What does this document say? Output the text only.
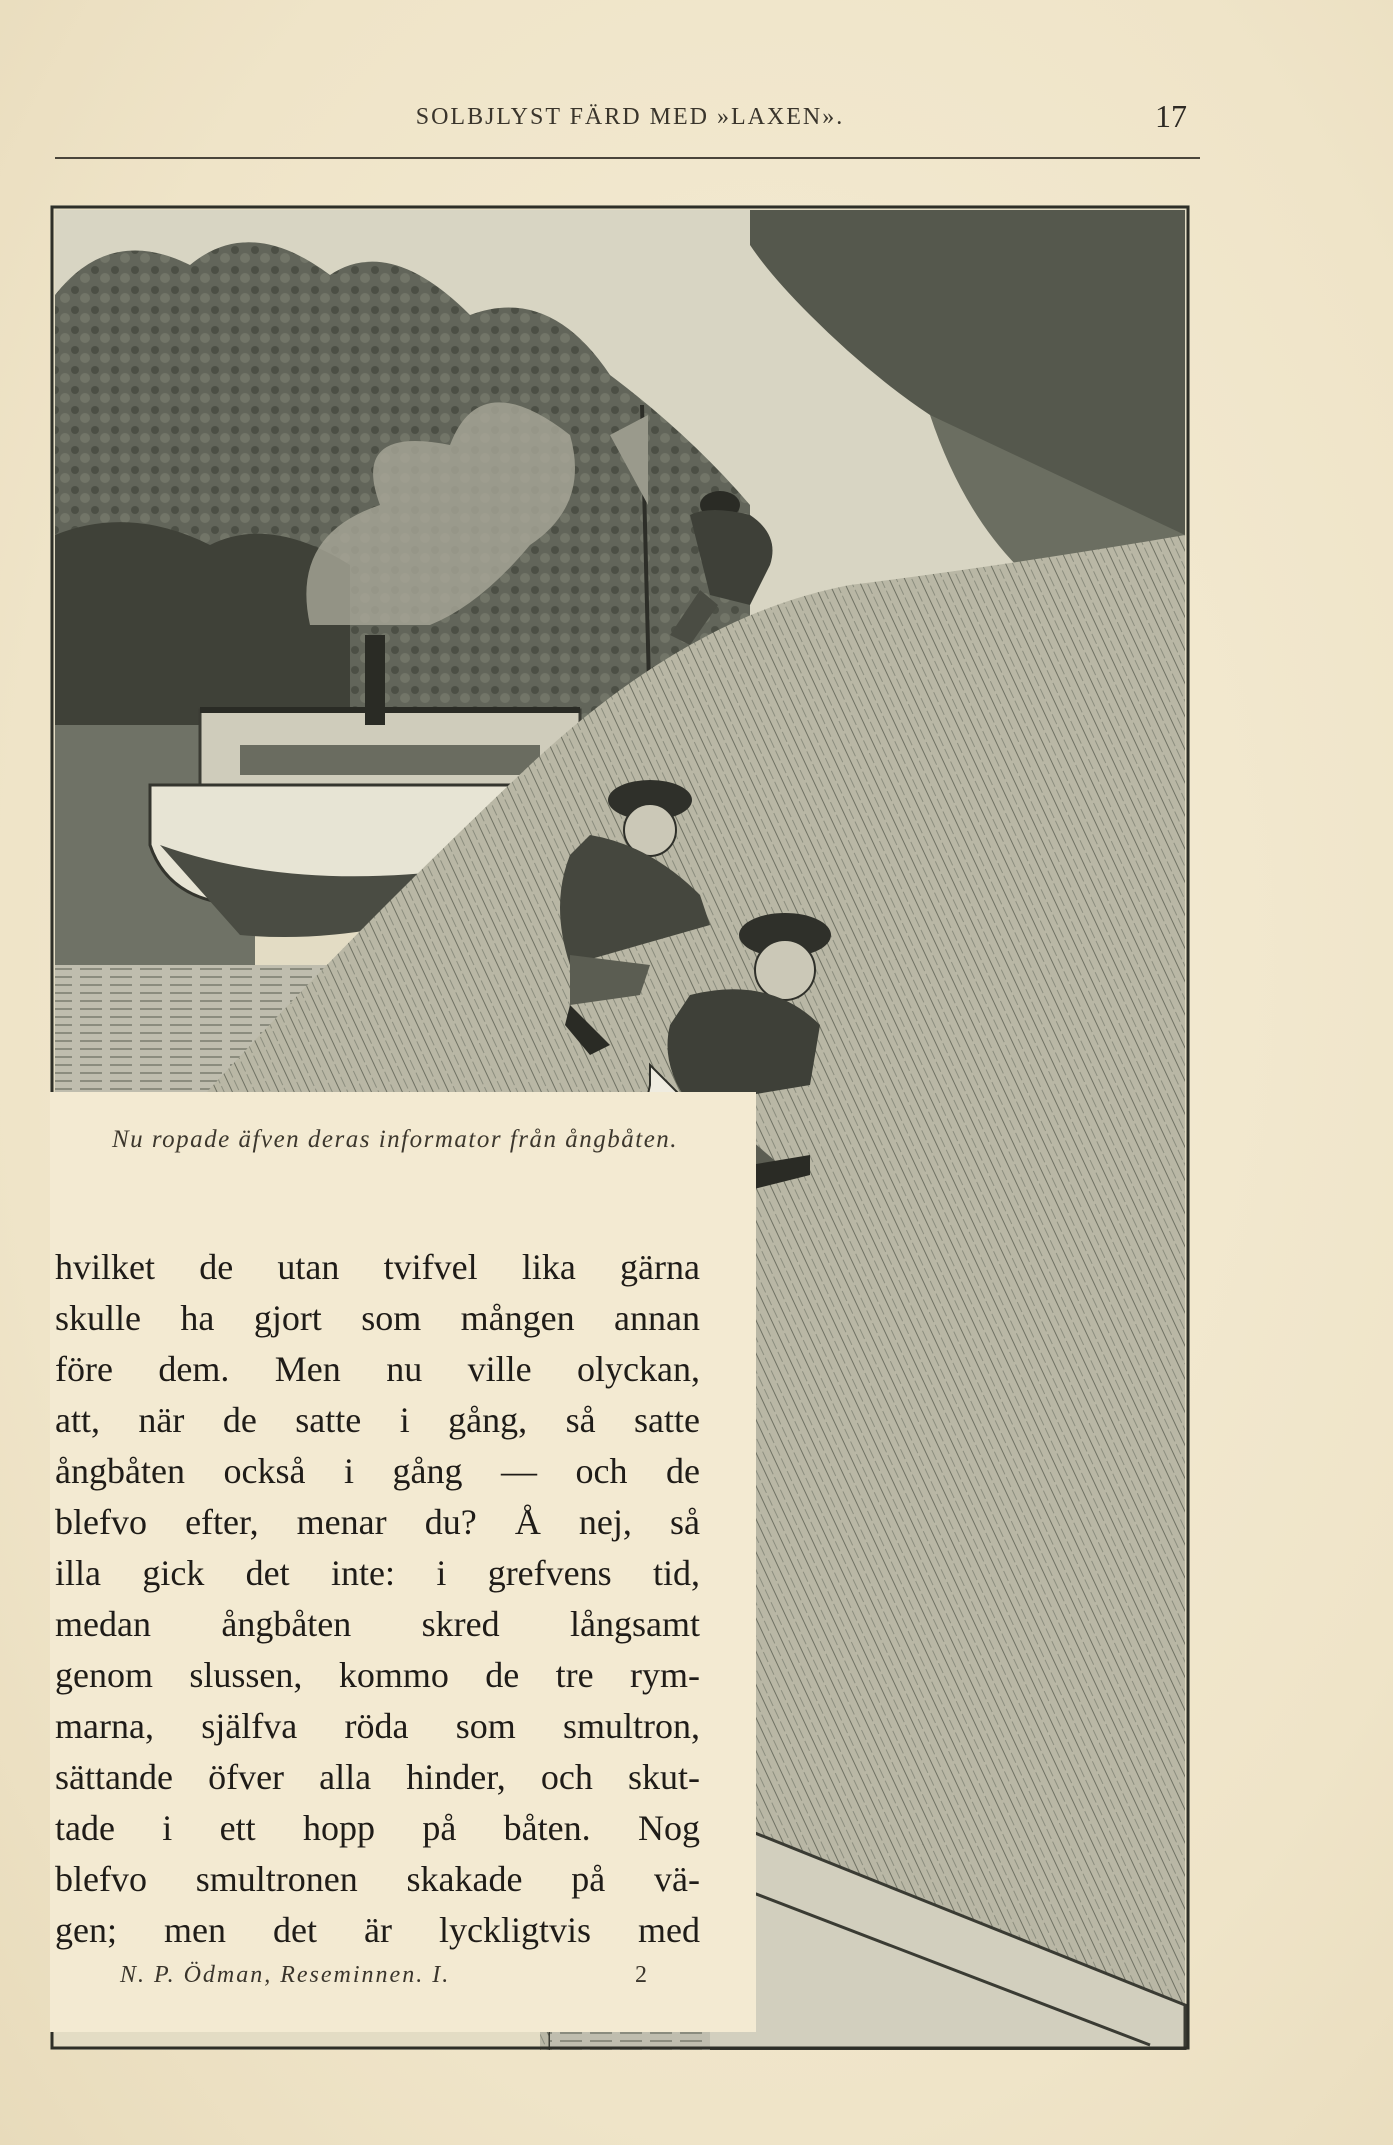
SOLBJLYST FÄRD MED »LAXEN».	17
Nu ropade äfven deras informator från ångbåten.
hvilket de utan tvifvel lika gärna
skulle ha gjort som mången annan
före dem. Men nu ville olyckan,
att, när de satte i gång, så satte
ångbåten också i gång — och de
blefvo efter, menar du? Å nej, så
illa gick det inte: i grefvens tid,
medan ångbåten skred långsamt
genom slussen, kommo de tre rym-
marna, själfva röda som smultron,
sättande öfver alla hinder, och skut-
tade i ett hopp på båten. Nog
blefvo smultronen skakade på vä-
gen; men det är lyckligtvis med
N. P. Ödman, Reseminnen. I.	2
